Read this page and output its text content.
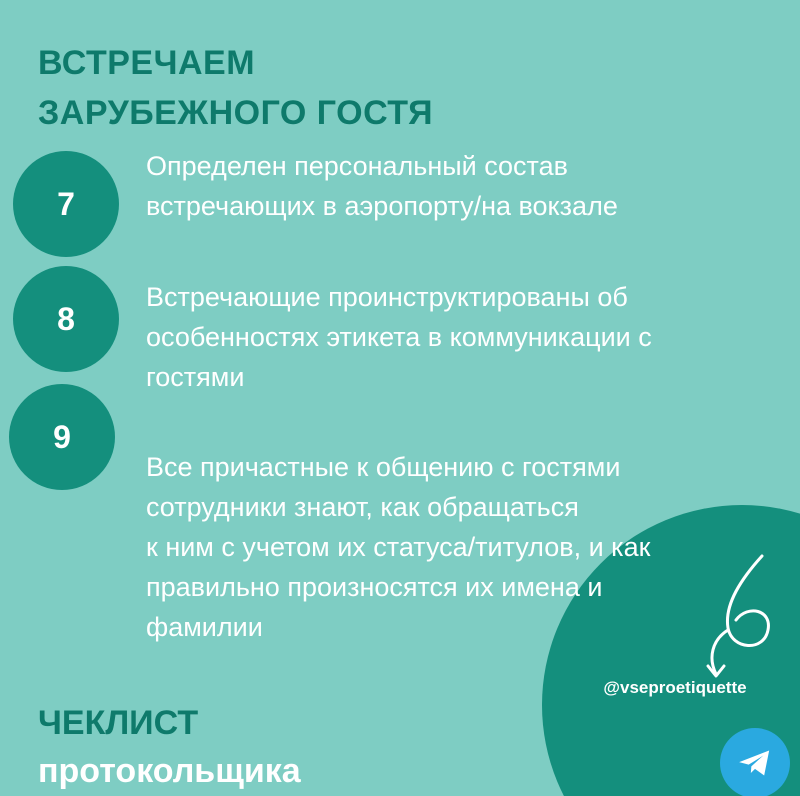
ВСТРЕЧАЕМ
ЗАРУБЕЖНОГО ГОСТЯ
7
8
9

Определен персональный состав
встречающих в аэропорту/на вокзале

Встречающие проинструктированы об
особенностях этикета в коммуникации с
гостями

Все причастные к общению с гостями
сотрудники знают, как обращаться
к ним с учетом их статуса/титулов, и как
правильно произносятся их имена и
фамилии

@vseproetiquette
ЧЕКЛИСТ
протокольщика
